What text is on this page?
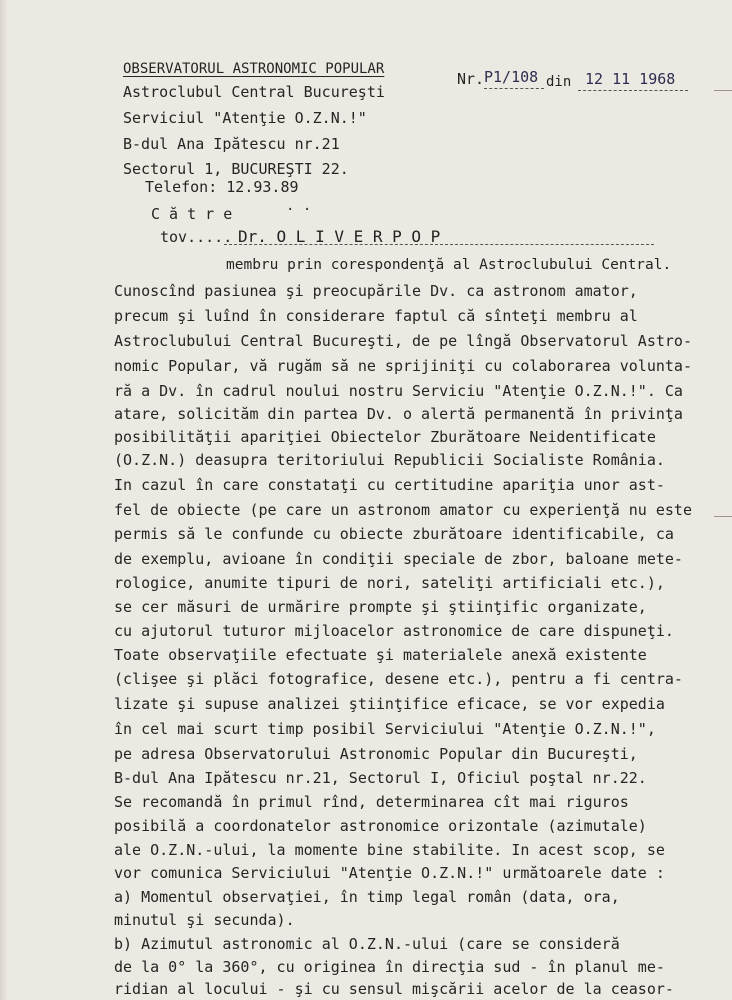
OBSERVATORUL ASTRONOMIC POPULAR
Astroclubul Central Bucureşti
Serviciul "Atenţie O.Z.N.!"
B-dul Ana Ipătescu nr.21
Sectorul 1, BUCUREŞTI 22.
Telefon: 12.93.89
Nr. P1/108 din 12 11 1968
C ă t r e	· ·
tov..... Dr. O L I V E R P O P
membru prin corespondenţă al Astroclubului Central.
Cunoscînd pasiunea şi preocupările Dv. ca astronom amator,
precum şi luînd în considerare faptul că sînteţi membru al
Astroclubului Central Bucureşti, de pe lîngă Observatorul Astro-
nomic Popular, vă rugăm să ne sprijiniţi cu colaborarea volunta-
ră a Dv. în cadrul noului nostru Serviciu "Atenţie O.Z.N.!". Ca
atare, solicităm din partea Dv. o alertă permanentă în privinţa
posibilităţii apariţiei Obiectelor Zburătoare Neidentificate
(O.Z.N.) deasupra teritoriului Republicii Socialiste România.
In cazul în care constataţi cu certitudine apariţia unor ast-
fel de obiecte (pe care un astronom amator cu experienţă nu este
permis să le confunde cu obiecte zburătoare identificabile, ca
de exemplu, avioane în condiţii speciale de zbor, baloane mete-
rologice, anumite tipuri de nori, sateliţi artificiali etc.),
se cer măsuri de urmărire prompte şi ştiinţific organizate,
cu ajutorul tuturor mijloacelor astronomice de care dispuneţi.
Toate observaţiile efectuate şi materialele anexă existente
(clişee şi plăci fotografice, desene etc.), pentru a fi centra-
lizate şi supuse analizei ştiinţifice eficace, se vor expedia
în cel mai scurt timp posibil Serviciului "Atenţie O.Z.N.!",
pe adresa Observatorului Astronomic Popular din Bucureşti,
B-dul Ana Ipătescu nr.21, Sectorul I, Oficiul poştal nr.22.
Se recomandă în primul rînd, determinarea cît mai riguros
posibilă a coordonatelor astronomice orizontale (azimutale)
ale O.Z.N.-ului, la momente bine stabilite. In acest scop, se
vor comunica Serviciului "Atenţie O.Z.N.!" următoarele date :
a) Momentul observaţiei, în timp legal român (data, ora,
minutul şi secunda).
b) Azimutul astronomic al O.Z.N.-ului (care se consideră
de la 0° la 360°, cu originea în direcţia sud - în planul me-
ridian al locului - şi cu sensul mişcării acelor de la ceasor-
